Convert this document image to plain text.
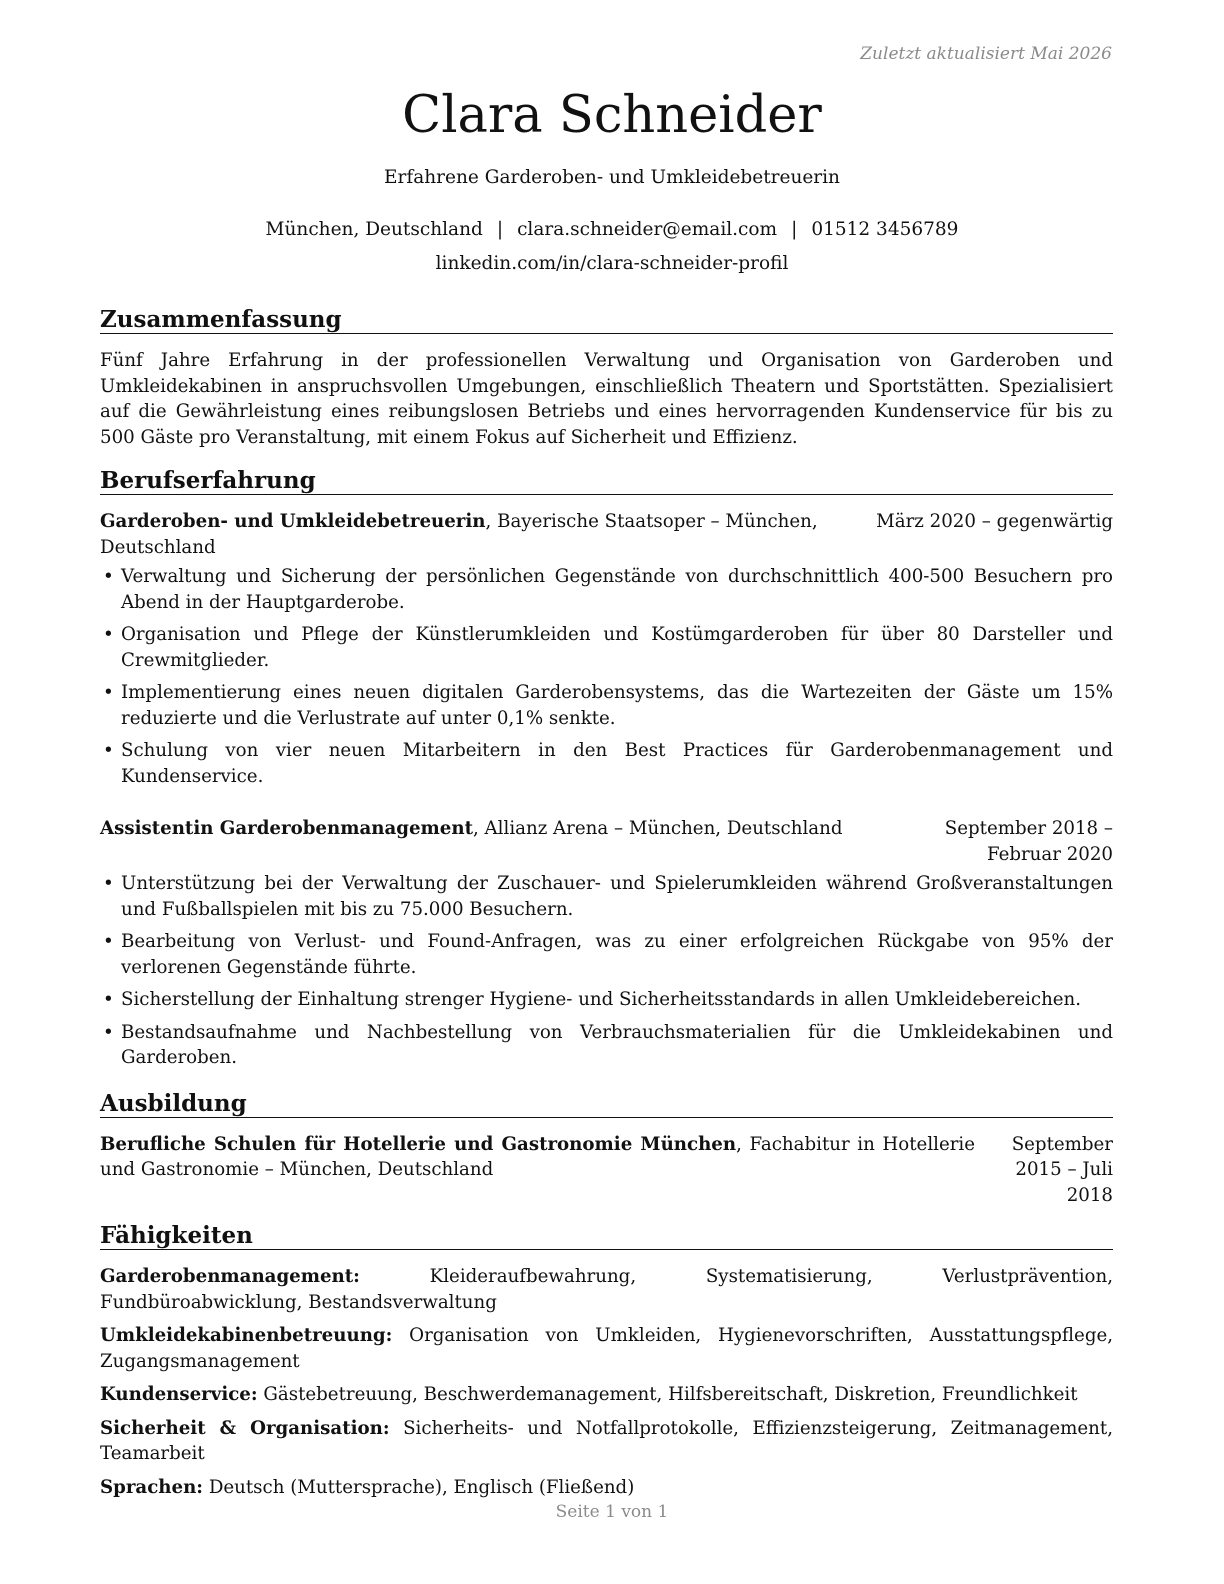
Zuletzt aktualisiert Mai 2026
Clara Schneider
Erfahrene Garderoben- und Umkleidebetreuerin
München, Deutschland | clara.schneider@email.com | 01512 3456789
linkedin.com/in/clara-schneider-profil
Zusammenfassung
Fünf Jahre Erfahrung in der professionellen Verwaltung und Organisation von Garderoben und Umkleidekabinen in anspruchsvollen Umgebungen, einschließlich Theatern und Sportstätten. Spezialisiert auf die Gewährleistung eines reibungslosen Betriebs und eines hervorragenden Kundenservice für bis zu 500 Gäste pro Veranstaltung, mit einem Fokus auf Sicherheit und Effizienz.
Berufserfahrung
Garderoben- und Umkleidebetreuerin, Bayerische Staatsoper – München, Deutschland
März 2020 – gegenwärtig
• Verwaltung und Sicherung der persönlichen Gegenstände von durchschnittlich 400-500 Besuchern pro Abend in der Hauptgarderobe.
• Organisation und Pflege der Künstlerumkleiden und Kostümgarderoben für über 80 Darsteller und Crewmitglieder.
• Implementierung eines neuen digitalen Garderobensystems, das die Wartezeiten der Gäste um 15% reduzierte und die Verlustrate auf unter 0,1% senkte.
• Schulung von vier neuen Mitarbeitern in den Best Practices für Garderobenmanagement und Kundenservice.
Assistentin Garderobenmanagement, Allianz Arena – München, Deutschland	September 2018 – Februar 2020
• Unterstützung bei der Verwaltung der Zuschauer- und Spielerumkleiden während Großveranstaltungen und Fußballspielen mit bis zu 75.000 Besuchern.
• Bearbeitung von Verlust- und Found-Anfragen, was zu einer erfolgreichen Rückgabe von 95% der verlorenen Gegenstände führte.
• Sicherstellung der Einhaltung strenger Hygiene- und Sicherheitsstandards in allen Umkleidebereichen.
• Bestandsaufnahme und Nachbestellung von Verbrauchsmaterialien für die Umkleidekabinen und Garderoben.
Ausbildung
Berufliche Schulen für Hotellerie und Gastronomie München, Fachabitur in Hotellerie und Gastronomie – München, Deutschland
September 2015 – Juli 2018
Fähigkeiten
Garderobenmanagement: Kleideraufbewahrung, Systematisierung, Verlustprävention, Fundbüroabwicklung, Bestandsverwaltung
Umkleidekabinenbetreuung: Organisation von Umkleiden, Hygienevorschriften, Ausstattungspflege, Zugangsmanagement
Kundenservice: Gästebetreuung, Beschwerdemanagement, Hilfsbereitschaft, Diskretion, Freundlichkeit
Sicherheit & Organisation: Sicherheits- und Notfallprotokolle, Effizienzsteigerung, Zeitmanagement, Teamarbeit
Sprachen: Deutsch (Muttersprache), Englisch (Fließend)
Seite 1 von 1
